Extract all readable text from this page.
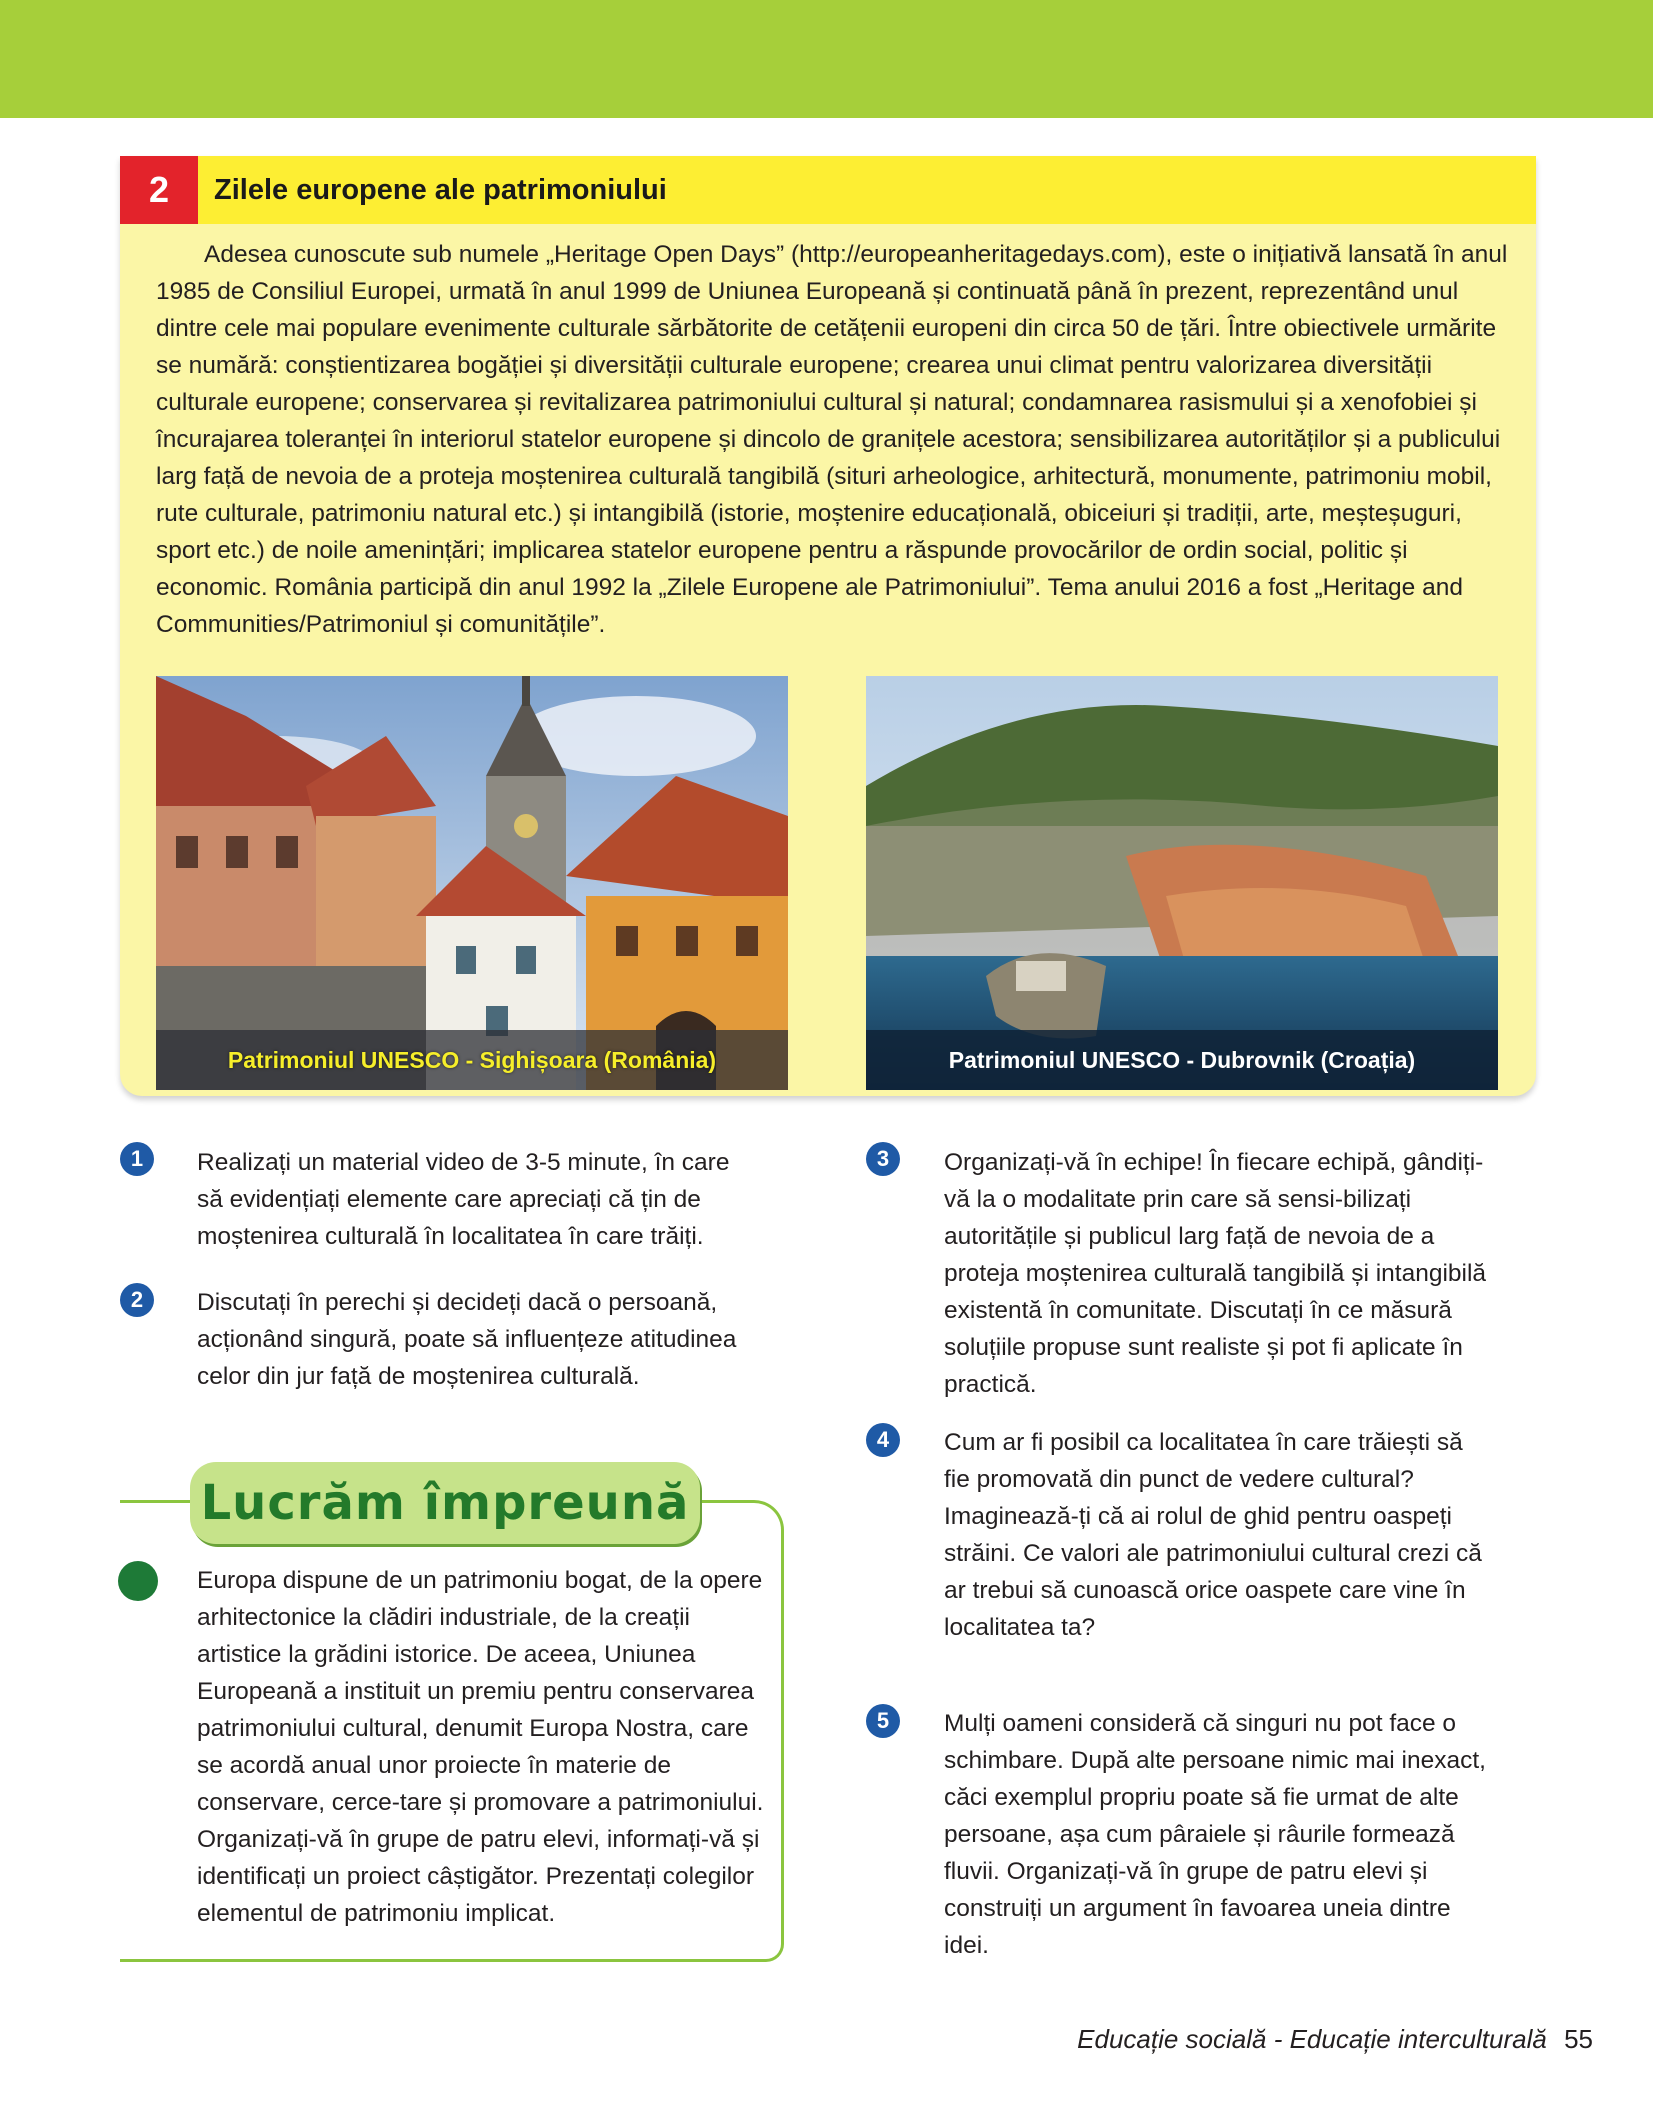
2	Zilele europene ale patrimoniului

Adesea cunoscute sub numele „Heritage Open Days” (http://europeanheritagedays.com), este o inițiativă lansată în anul 1985 de Consiliul Europei, urmată în anul 1999 de Uniunea Europeană și continuată până în prezent, reprezentând unul dintre cele mai populare evenimente culturale sărbătorite de cetățenii europeni din circa 50 de țări. Între obiectivele urmărite se numără: conștientizarea bogăției și diversității culturale europene; crearea unui climat pentru valorizarea diversității culturale europene; conservarea și revitalizarea patrimoniului cultural și natural; condamnarea rasismului și a xenofobiei și încurajarea toleranței în interiorul statelor europene și dincolo de granițele acestora; sensibilizarea autorităților și a publicului larg față de nevoia de a proteja moștenirea culturală tangibilă (situri arheologice, arhitectură, monumente, patrimoniu mobil, rute culturale, patrimoniu natural etc.) și intangibilă (istorie, moștenire educațională, obiceiuri și tradiții, arte, meșteșuguri, sport etc.) de noile amenințări; implicarea statelor europene pentru a răspunde provocărilor de ordin social, politic și economic. România participă din anul 1992 la „Zilele Europene ale Patrimoniului”. Tema anului 2016 a fost „Heritage and Communities/Patrimoniul și comunitățile”.

Patrimoniul UNESCO - Sighișoara (România)	Patrimoniul UNESCO - Dubrovnik (Croația)
1	Realizați un material video de 3-5 minute, în care să evidențiați elemente care apreciați că țin de moștenirea culturală în localitatea în care trăiți.
2	Discutați în perechi și decideți dacă o persoană, acționând singură, poate să influențeze atitudinea celor din jur față de moștenirea culturală.
Lucrăm împreună
Europa dispune de un patrimoniu bogat, de la opere arhitectonice la clădiri industriale, de la creații artistice la grădini istorice. De aceea, Uniunea Europeană a instituit un premiu pentru conservarea patrimoniului cultural, denumit Europa Nostra, care se acordă anual unor proiecte în materie de conservare, cerce-tare și promovare a patrimoniului. Organizați-vă în grupe de patru elevi, informați-vă și identificați un proiect câștigător. Prezentați colegilor elementul de patrimoniu implicat.
3	Organizați-vă în echipe! În fiecare echipă, gândiți-vă la o modalitate prin care să sensi-bilizați autoritățile și publicul larg față de nevoia de a proteja moștenirea culturală tangibilă și intangibilă existentă în comunitate. Discutați în ce măsură soluțiile propuse sunt realiste și pot fi aplicate în practică.
4	Cum ar fi posibil ca localitatea în care trăiești să fie promovată din punct de vedere cultural? Imaginează-ți că ai rolul de ghid pentru oaspeți străini. Ce valori ale patrimoniului cultural crezi că ar trebui să cunoască orice oaspete care vine în localitatea ta?
5	Mulți oameni consideră că singuri nu pot face o schimbare. După alte persoane nimic mai inexact, căci exemplul propriu poate să fie urmat de alte persoane, așa cum pâraiele și râurile formează fluvii. Organizați-vă în grupe de patru elevi și construiți un argument în favoarea uneia dintre idei.
Educație socială - Educație interculturală 55
